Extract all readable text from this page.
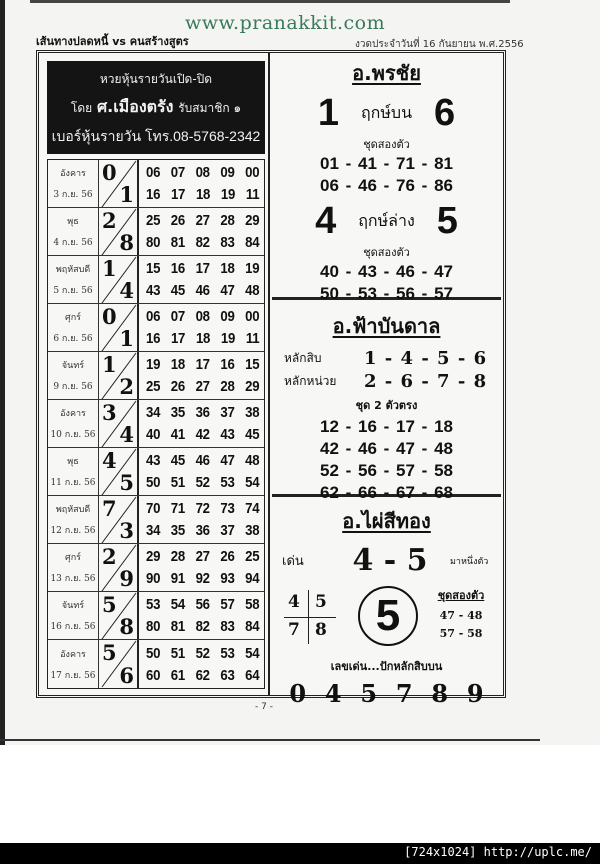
www.pranakkit.com
เส้นทางปลดหนี้ vs คนสร้างสูตร	งวดประจำวันที่ 16 กันยายน พ.ศ.2556
หวยหุ้นรายวันเปิด-ปิด
โดย ศ.เมืองตรัง รับสมาชิก ๑
เบอร์หุ้นรายวัน โทร.08-5768-2342
อังคาร
3 ก.ย. 56
0
1
06 07 08 09 00
16 17 18 19 11
พุธ
4 ก.ย. 56
2
8
25 26 27 28 29
80 81 82 83 84
พฤหัสบดี
5 ก.ย. 56
1
4
15 16 17 18 19
43 45 46 47 48
ศุกร์
6 ก.ย. 56
0
1
06 07 08 09 00
16 17 18 19 11
จันทร์
9 ก.ย. 56
1
2
19 18 17 16 15
25 26 27 28 29
อังคาร
10 ก.ย. 56
3
4
34 35 36 37 38
40 41 42 43 45
พุธ
11 ก.ย. 56
4
5
43 45 46 47 48
50 51 52 53 54
พฤหัสบดี
12 ก.ย. 56
7
3
70 71 72 73 74
34 35 36 37 38
ศุกร์
13 ก.ย. 56
2
9
29 28 27 26 25
90 91 92 93 94
จันทร์
16 ก.ย. 56
5
8
53 54 56 57 58
80 81 82 83 84
อังคาร
17 ก.ย. 56
5
6
50 51 52 53 54
60 61 62 63 64
อ.พรชัย
1 ฤกษ์บน 6
ชุดสองตัว
01 - 41 - 71 - 81
06 - 46 - 76 - 86
4 ฤกษ์ล่าง 5
ชุดสองตัว
40 - 43 - 46 - 47
50 - 53 - 56 - 57
อ.ฟ้าบันดาล
หลักสิบ	1 - 4 - 5 - 6
หลักหน่วย	2 - 6 - 7 - 8
ชุด 2 ตัวตรง
12 - 16 - 17 - 18
42 - 46 - 47 - 48
52 - 56 - 57 - 58
62 - 66 - 67 - 68
อ.ไผ่สีทอง
เด่น	4 - 5	มาหนึ่งตัว
4 5
7 8	5	ชุดสองตัว
47 - 48
57 - 58
เลขเด่น...ปักหลักสิบบน
0 4 5 7 8 9
- 7 -
[724x1024] http://uplc.me/
